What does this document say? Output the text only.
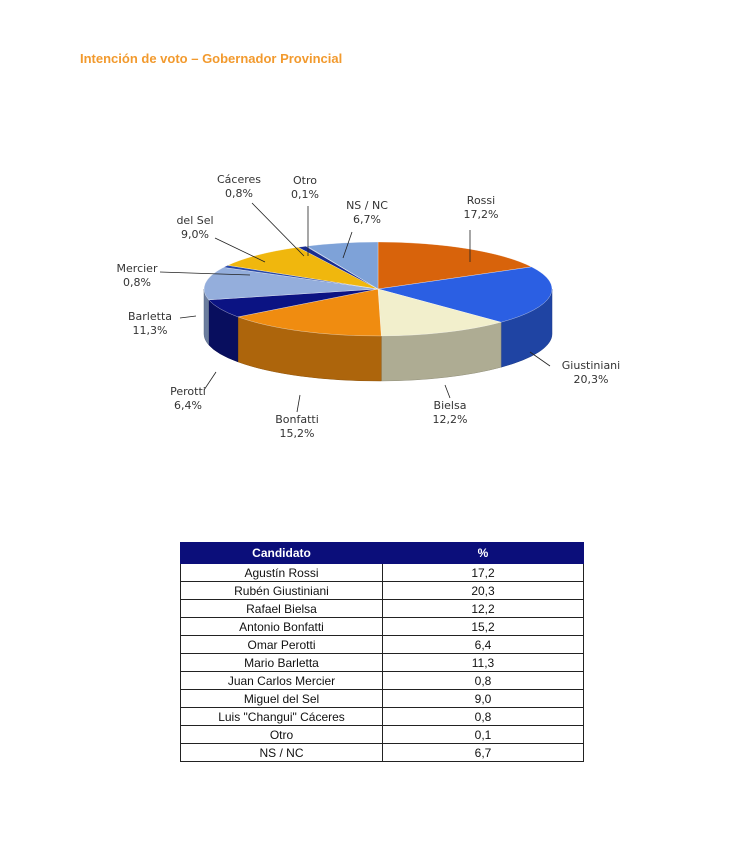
Intención de voto – Gobernador Provincial
Rossi
17,2%
Giustiniani
20,3%
Bielsa
12,2%
Bonfatti
15,2%
Perotti
6,4%
Barletta
11,3%
Mercier
0,8%
del Sel
9,0%
Cáceres
0,8%
Otro
0,1%
NS / NC
6,7%
Candidato	%
Agustín Rossi	17,2
Rubén Giustiniani	20,3
Rafael Bielsa	12,2
Antonio Bonfatti	15,2
Omar Perotti	6,4
Mario Barletta	11,3
Juan Carlos Mercier	0,8
Miguel del Sel	9,0
Luis "Changui" Cáceres	0,8
Otro	0,1
NS / NC	6,7
